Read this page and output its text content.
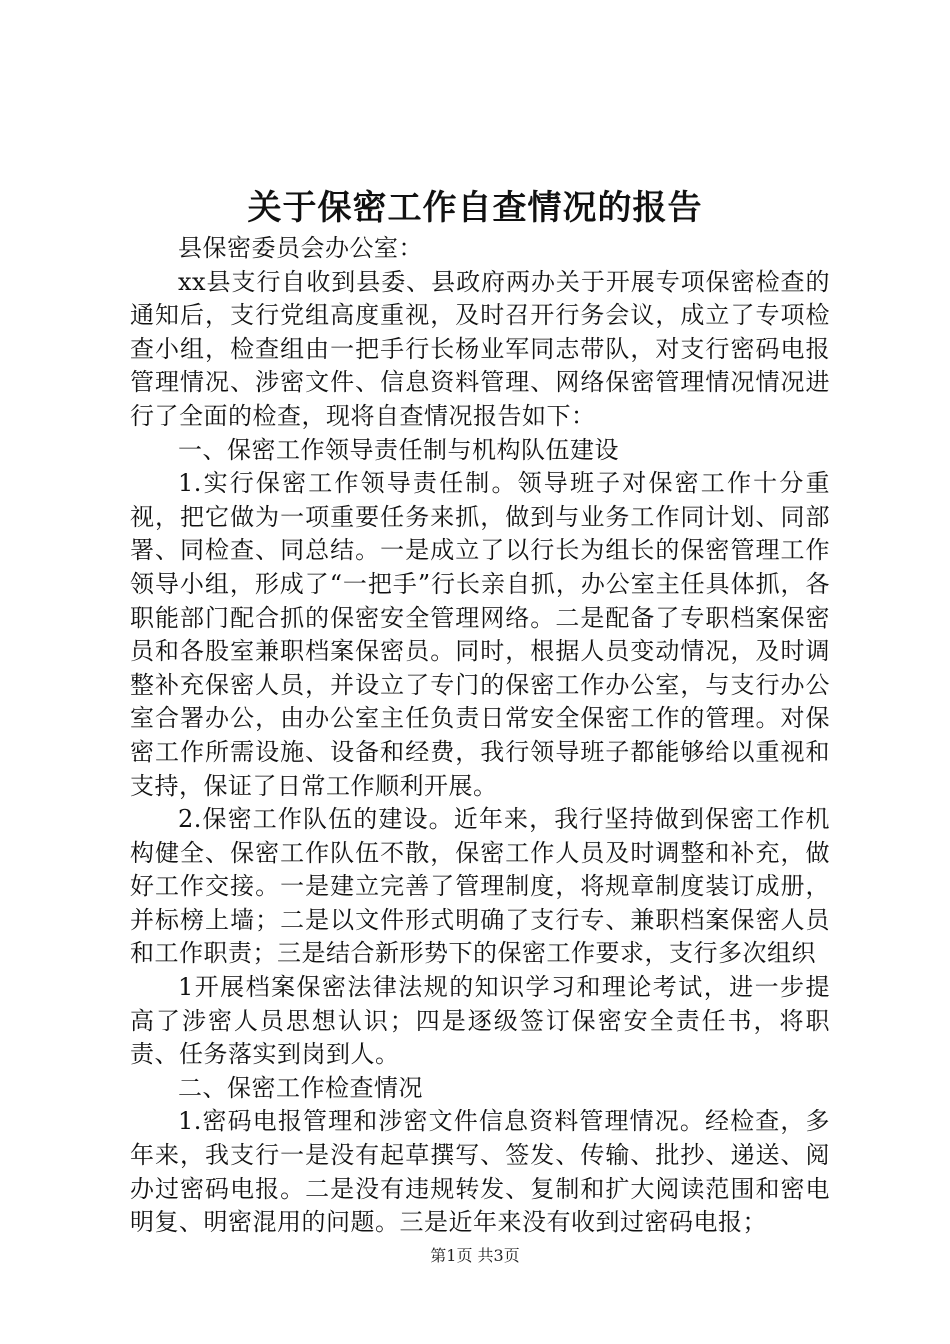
关于保密工作自查情况的报告

县保密委员会办公室：

xx县支行自收到县委、县政府两办关于开展专项保密检查的通知后，支行党组高度重视，及时召开行务会议，成立了专项检查小组，检查组由一把手行长杨业军同志带队，对支行密码电报管理情况、涉密文件、信息资料管理、网络保密管理情况情况进行了全面的检查，现将自查情况报告如下：

一、保密工作领导责任制与机构队伍建设

1.实行保密工作领导责任制。领导班子对保密工作十分重视，把它做为一项重要任务来抓，做到与业务工作同计划、同部署、同检查、同总结。一是成立了以行长为组长的保密管理工作领导小组，形成了“一把手”行长亲自抓，办公室主任具体抓，各职能部门配合抓的保密安全管理网络。二是配备了专职档案保密员和各股室兼职档案保密员。同时，根据人员变动情况，及时调整补充保密人员，并设立了专门的保密工作办公室，与支行办公室合署办公，由办公室主任负责日常安全保密工作的管理。对保密工作所需设施、设备和经费，我行领导班子都能够给以重视和支持，保证了日常工作顺利开展。

2.保密工作队伍的建设。近年来，我行坚持做到保密工作机构健全、保密工作队伍不散，保密工作人员及时调整和补充，做好工作交接。一是建立完善了管理制度，将规章制度装订成册，并标榜上墙；二是以文件形式明确了支行专、兼职档案保密人员和工作职责；三是结合新形势下的保密工作要求，支行多次组织

1开展档案保密法律法规的知识学习和理论考试，进一步提高了涉密人员思想认识；四是逐级签订保密安全责任书，将职责、任务落实到岗到人。

二、保密工作检查情况

1.密码电报管理和涉密文件信息资料管理情况。经检查，多年来，我支行一是没有起草撰写、签发、传输、批抄、递送、阅办过密码电报。二是没有违规转发、复制和扩大阅读范围和密电明复、明密混用的问题。三是近年来没有收到过密码电报；

第1页 共3页
